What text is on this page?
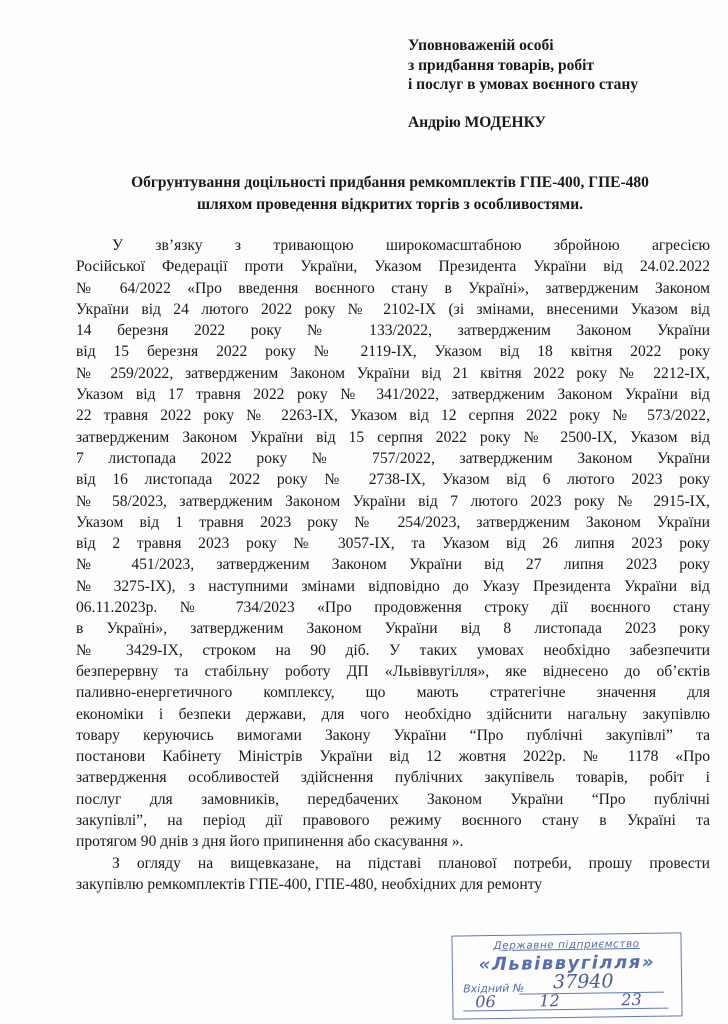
Уповноваженій особі
з придбання товарів, робіт
і послуг в умовах воєнного стану
Андрію МОДЕНКУ
Обгрунтування доцільності придбання ремкомплектів ГПЕ-400, ГПЕ-480
шляхом проведення відкритих торгів з особливостями.
У зв’язку з тривающою широкомасштабною збройною агресією
Російської Федерації проти України, Указом Президента України від 24.02.2022
№ 64/2022 «Про введення воєнного стану в Україні», затвердженим Законом
України від 24 лютого 2022 року № 2102-IX (зі змінами, внесеними Указом від
14 березня 2022 року № 133/2022, затвердженим Законом України
від 15 березня 2022 року № 2119-IX, Указом від 18 квітня 2022 року
№ 259/2022, затвердженим Законом України від 21 квітня 2022 року № 2212-IX,
Указом від 17 травня 2022 року № 341/2022, затвердженим Законом України від
22 травня 2022 року № 2263-IX, Указом від 12 серпня 2022 року № 573/2022,
затвердженим Законом України від 15 серпня 2022 року № 2500-IX, Указом від
7 листопада 2022 року № 757/2022, затвердженим Законом України
від 16 листопада 2022 року № 2738-IX, Указом від 6 лютого 2023 року
№ 58/2023, затвердженим Законом України від 7 лютого 2023 року № 2915-IX,
Указом від 1 травня 2023 року № 254/2023, затвердженим Законом України
від 2 травня 2023 року № 3057-IX, та Указом від 26 липня 2023 року
№ 451/2023, затвердженим Законом України від 27 липня 2023 року
№ 3275-IX), з наступними змінами відповідно до Указу Президента України від
06.11.2023р. № 734/2023 «Про продовження строку дії воєнного стану
в Україні», затвердженим Законом України від 8 листопада 2023 року
№ 3429-IX, строком на 90 діб. У таких умовах необхідно забезпечити
безперервну та стабільну роботу ДП «Львіввугілля», яке віднесено до об’єктів
паливно-енергетичного комплексу, що мають стратегічне значення для
економіки і безпеки держави, для чого необхідно здійснити нагальну закупівлю
товару керуючись вимогами Закону України “Про публічні закупівлі” та
постанови Кабінету Міністрів України від 12 жовтня 2022р. № 1178 «Про
затвердження особливостей здійснення публічних закупівель товарів, робіт і
послуг для замовників, передбачених Законом України “Про публічні
закупівлі”, на період дії правового режиму воєнного стану в Україні та
протягом 90 днів з дня його припинення або скасування ».
З огляду на вищевказане, на підставі планової потреби, прошу провести
закупівлю ремкомплектів ГПЕ-400, ГПЕ-480, необхідних для ремонту
Державне підприємство
«Львіввугілля»
Вхідний № 37940
06	12	23
